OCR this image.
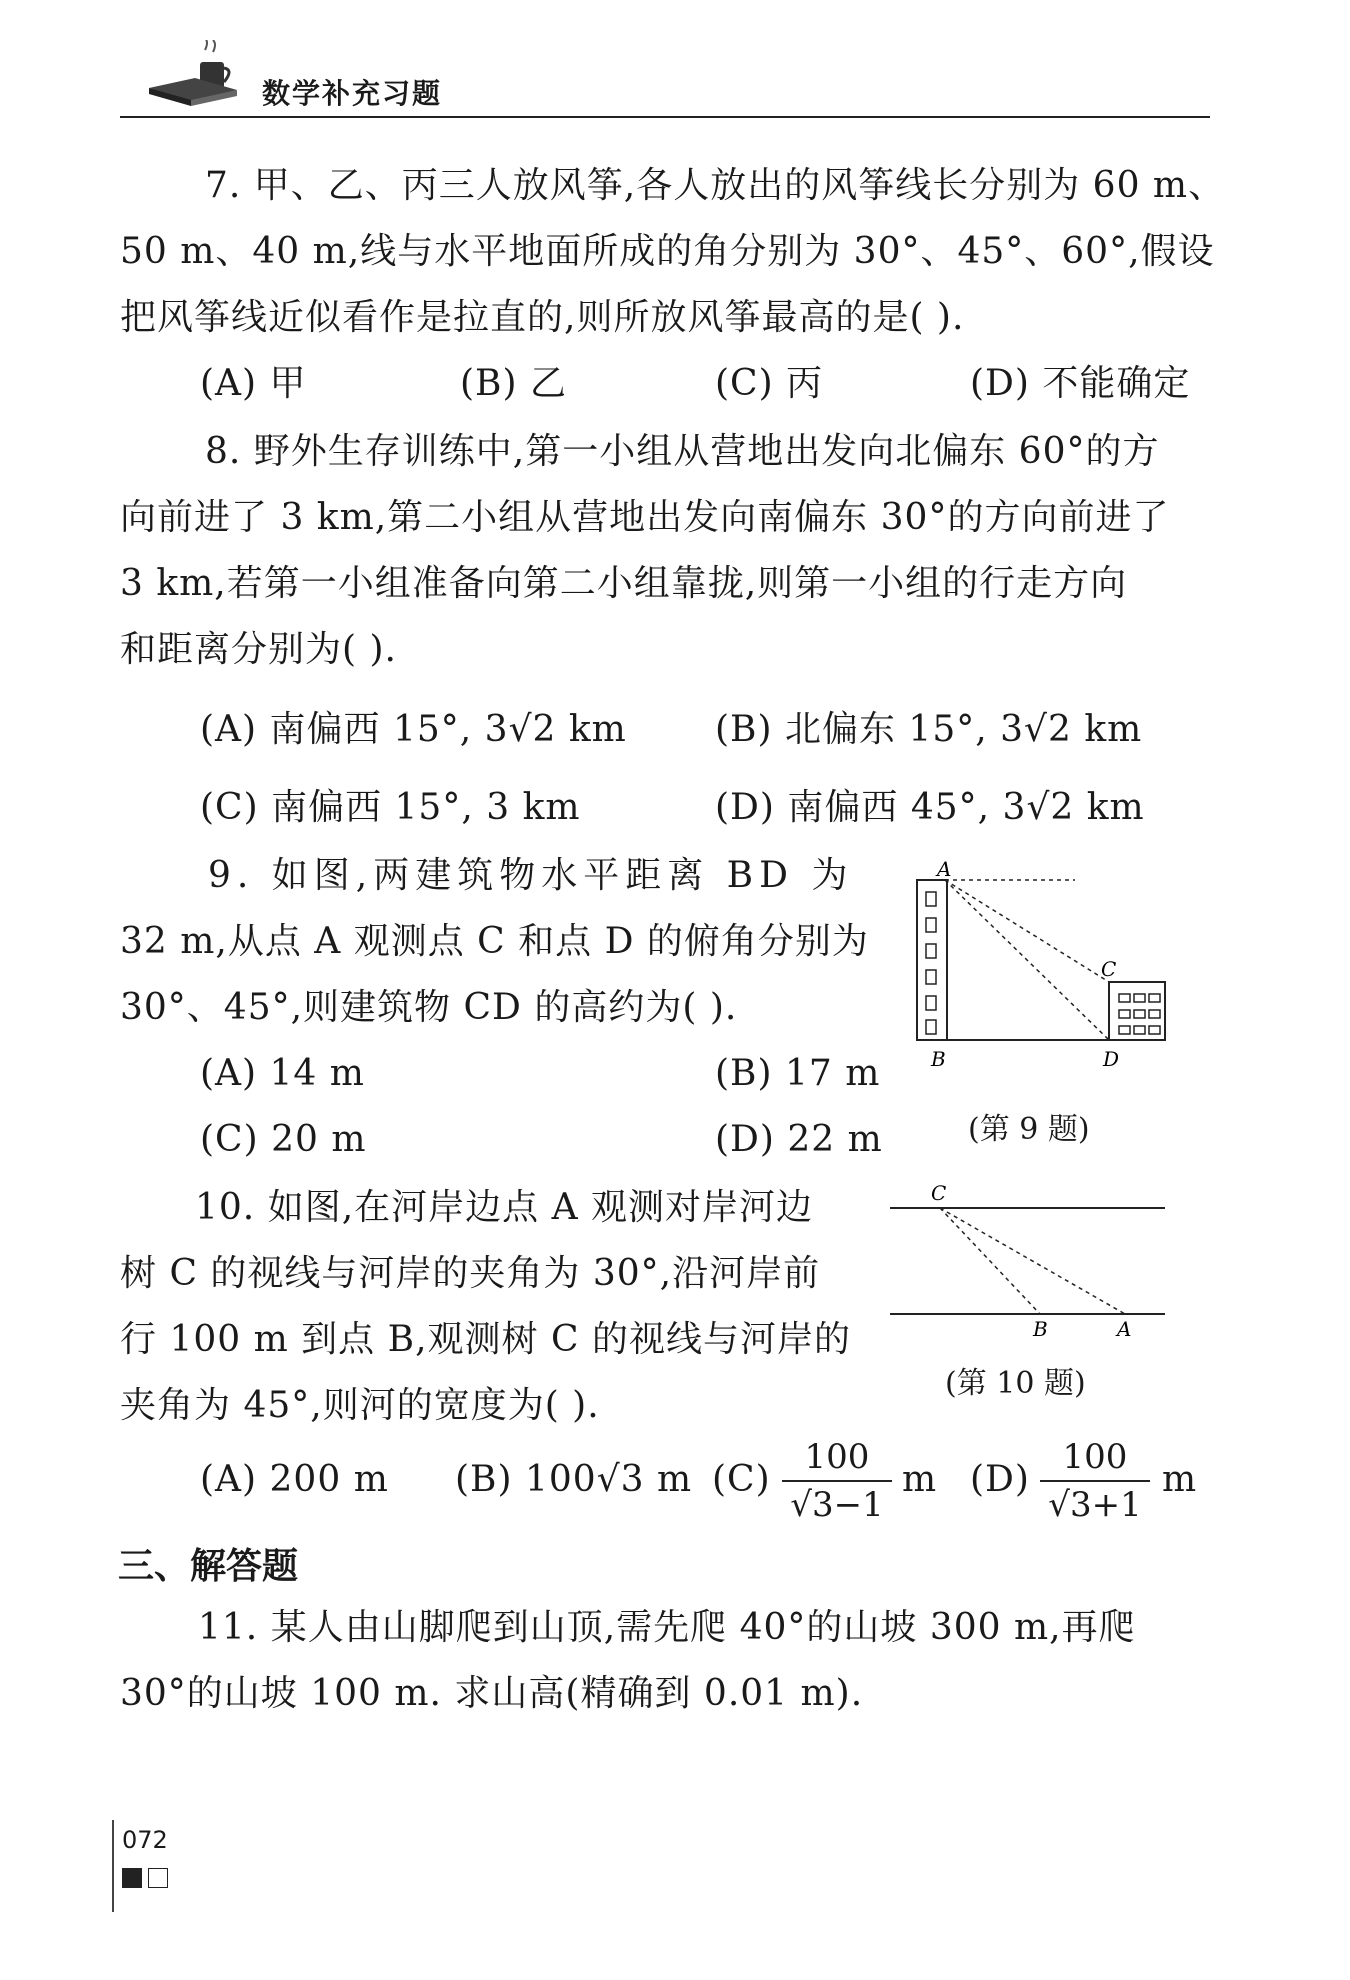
数学补充习题
7. 甲、乙、丙三人放风筝,各人放出的风筝线长分别为 60 m、
50 m、40 m,线与水平地面所成的角分别为 30°、45°、60°,假设
把风筝线近似看作是拉直的,则所放风筝最高的是( ).
(A) 甲	(B) 乙	(C) 丙	(D) 不能确定
8. 野外生存训练中,第一小组从营地出发向北偏东 60°的方
向前进了 3 km,第二小组从营地出发向南偏东 30°的方向前进了
3 km,若第一小组准备向第二小组靠拢,则第一小组的行走方向
和距离分别为( ).
(A) 南偏西 15°, 3√2 km (B) 北偏东 15°, 3√2 km
(C) 南偏西 15°, 3 km	(D) 南偏西 45°, 3√2 km
9. 如图,两建筑物水平距离 BD 为
32 m,从点 A 观测点 C 和点 D 的俯角分别为
30°、45°,则建筑物 CD 的高约为( ).
(A) 14 m	(B) 17 m
(C) 20 m	(D) 22 m
A
C
B	D
(第 9 题)
10. 如图,在河岸边点 A 观测对岸河边
树 C 的视线与河岸的夹角为 30°,沿河岸前
行 100 m 到点 B,观测树 C 的视线与河岸的
夹角为 45°,则河的宽度为( ).
C
B	A
(第 10 题)
(A) 200 m (B) 100√3 m (C)
100
√3−1
m (D)
100
√3+1
m
三、解答题
11. 某人由山脚爬到山顶,需先爬 40°的山坡 300 m,再爬
30°的山坡 100 m. 求山高(精确到 0.01 m).
072
